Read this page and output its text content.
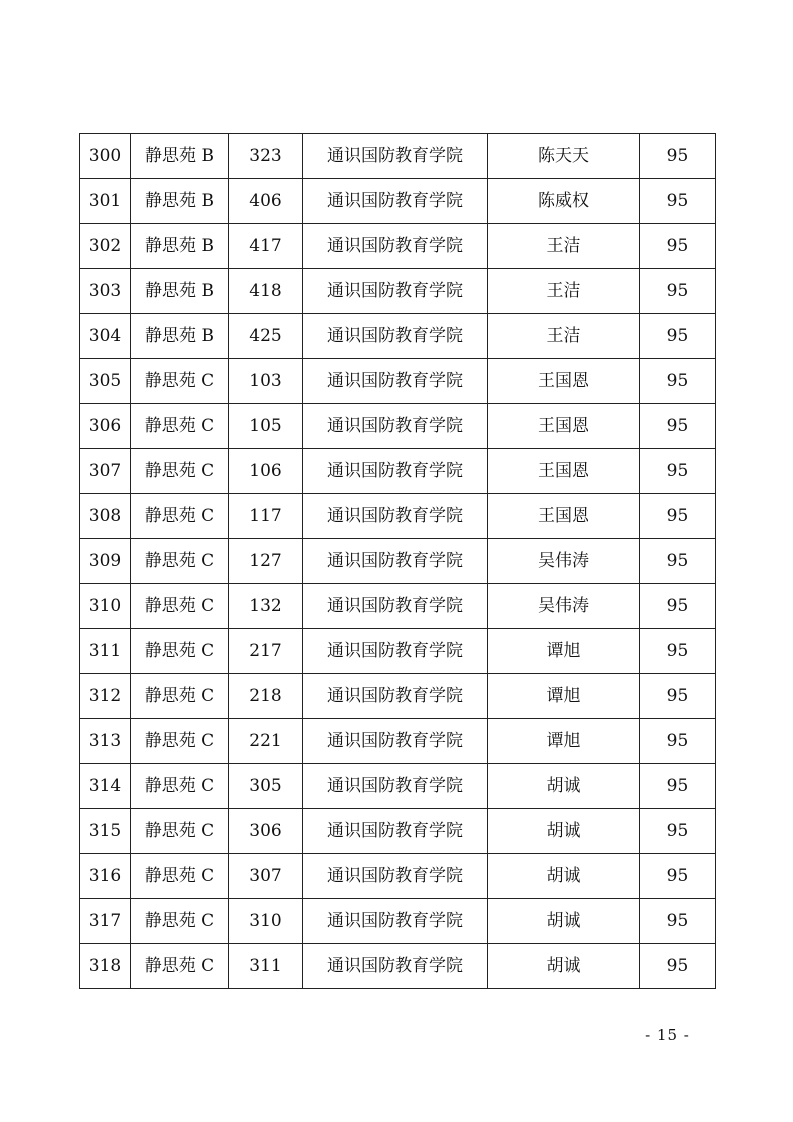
300	静思苑 B	323	通识国防教育学院	陈天天	95
301	静思苑 B	406	通识国防教育学院	陈威权	95
302	静思苑 B	417	通识国防教育学院	王洁	95
303	静思苑 B	418	通识国防教育学院	王洁	95
304	静思苑 B	425	通识国防教育学院	王洁	95
305	静思苑 C	103	通识国防教育学院	王国恩	95
306	静思苑 C	105	通识国防教育学院	王国恩	95
307	静思苑 C	106	通识国防教育学院	王国恩	95
308	静思苑 C	117	通识国防教育学院	王国恩	95
309	静思苑 C	127	通识国防教育学院	吴伟涛	95
310	静思苑 C	132	通识国防教育学院	吴伟涛	95
311	静思苑 C	217	通识国防教育学院	谭旭	95
312	静思苑 C	218	通识国防教育学院	谭旭	95
313	静思苑 C	221	通识国防教育学院	谭旭	95
314	静思苑 C	305	通识国防教育学院	胡诚	95
315	静思苑 C	306	通识国防教育学院	胡诚	95
316	静思苑 C	307	通识国防教育学院	胡诚	95
317	静思苑 C	310	通识国防教育学院	胡诚	95
318	静思苑 C	311	通识国防教育学院	胡诚	95
- 15 -
